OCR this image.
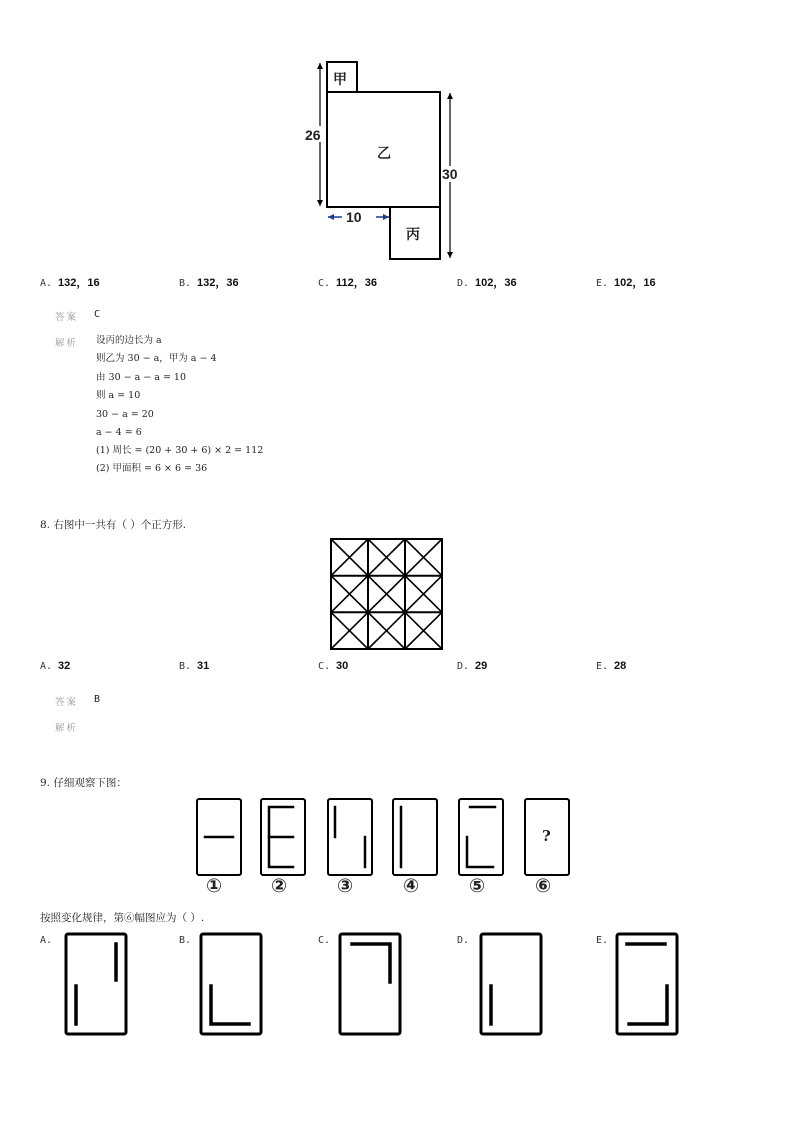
甲
乙
丙
26
30
10
A. 132，16	B. 132，36	C. 112，36	D. 102，36	E. 102，16
答案 C
解析 设丙的边长为 a
则乙为 30 − a，甲为 a − 4
由 30 − a − a = 10
则 a = 10
30 − a = 20
a − 4 = 6
(1) 周长 = (20 + 30 + 6) × 2 = 112
(2) 甲面积 = 6 × 6 = 36
8. 右图中一共有（ ）个正方形.
A. 32	B. 31	C. 30	D. 29	E. 28
答案 B
解析
9. 仔细观察下图：
?
①	②	③	④	⑤	⑥
按照变化规律，第⑥幅图应为（ ）.
A.	B.	C.	D.	E.
